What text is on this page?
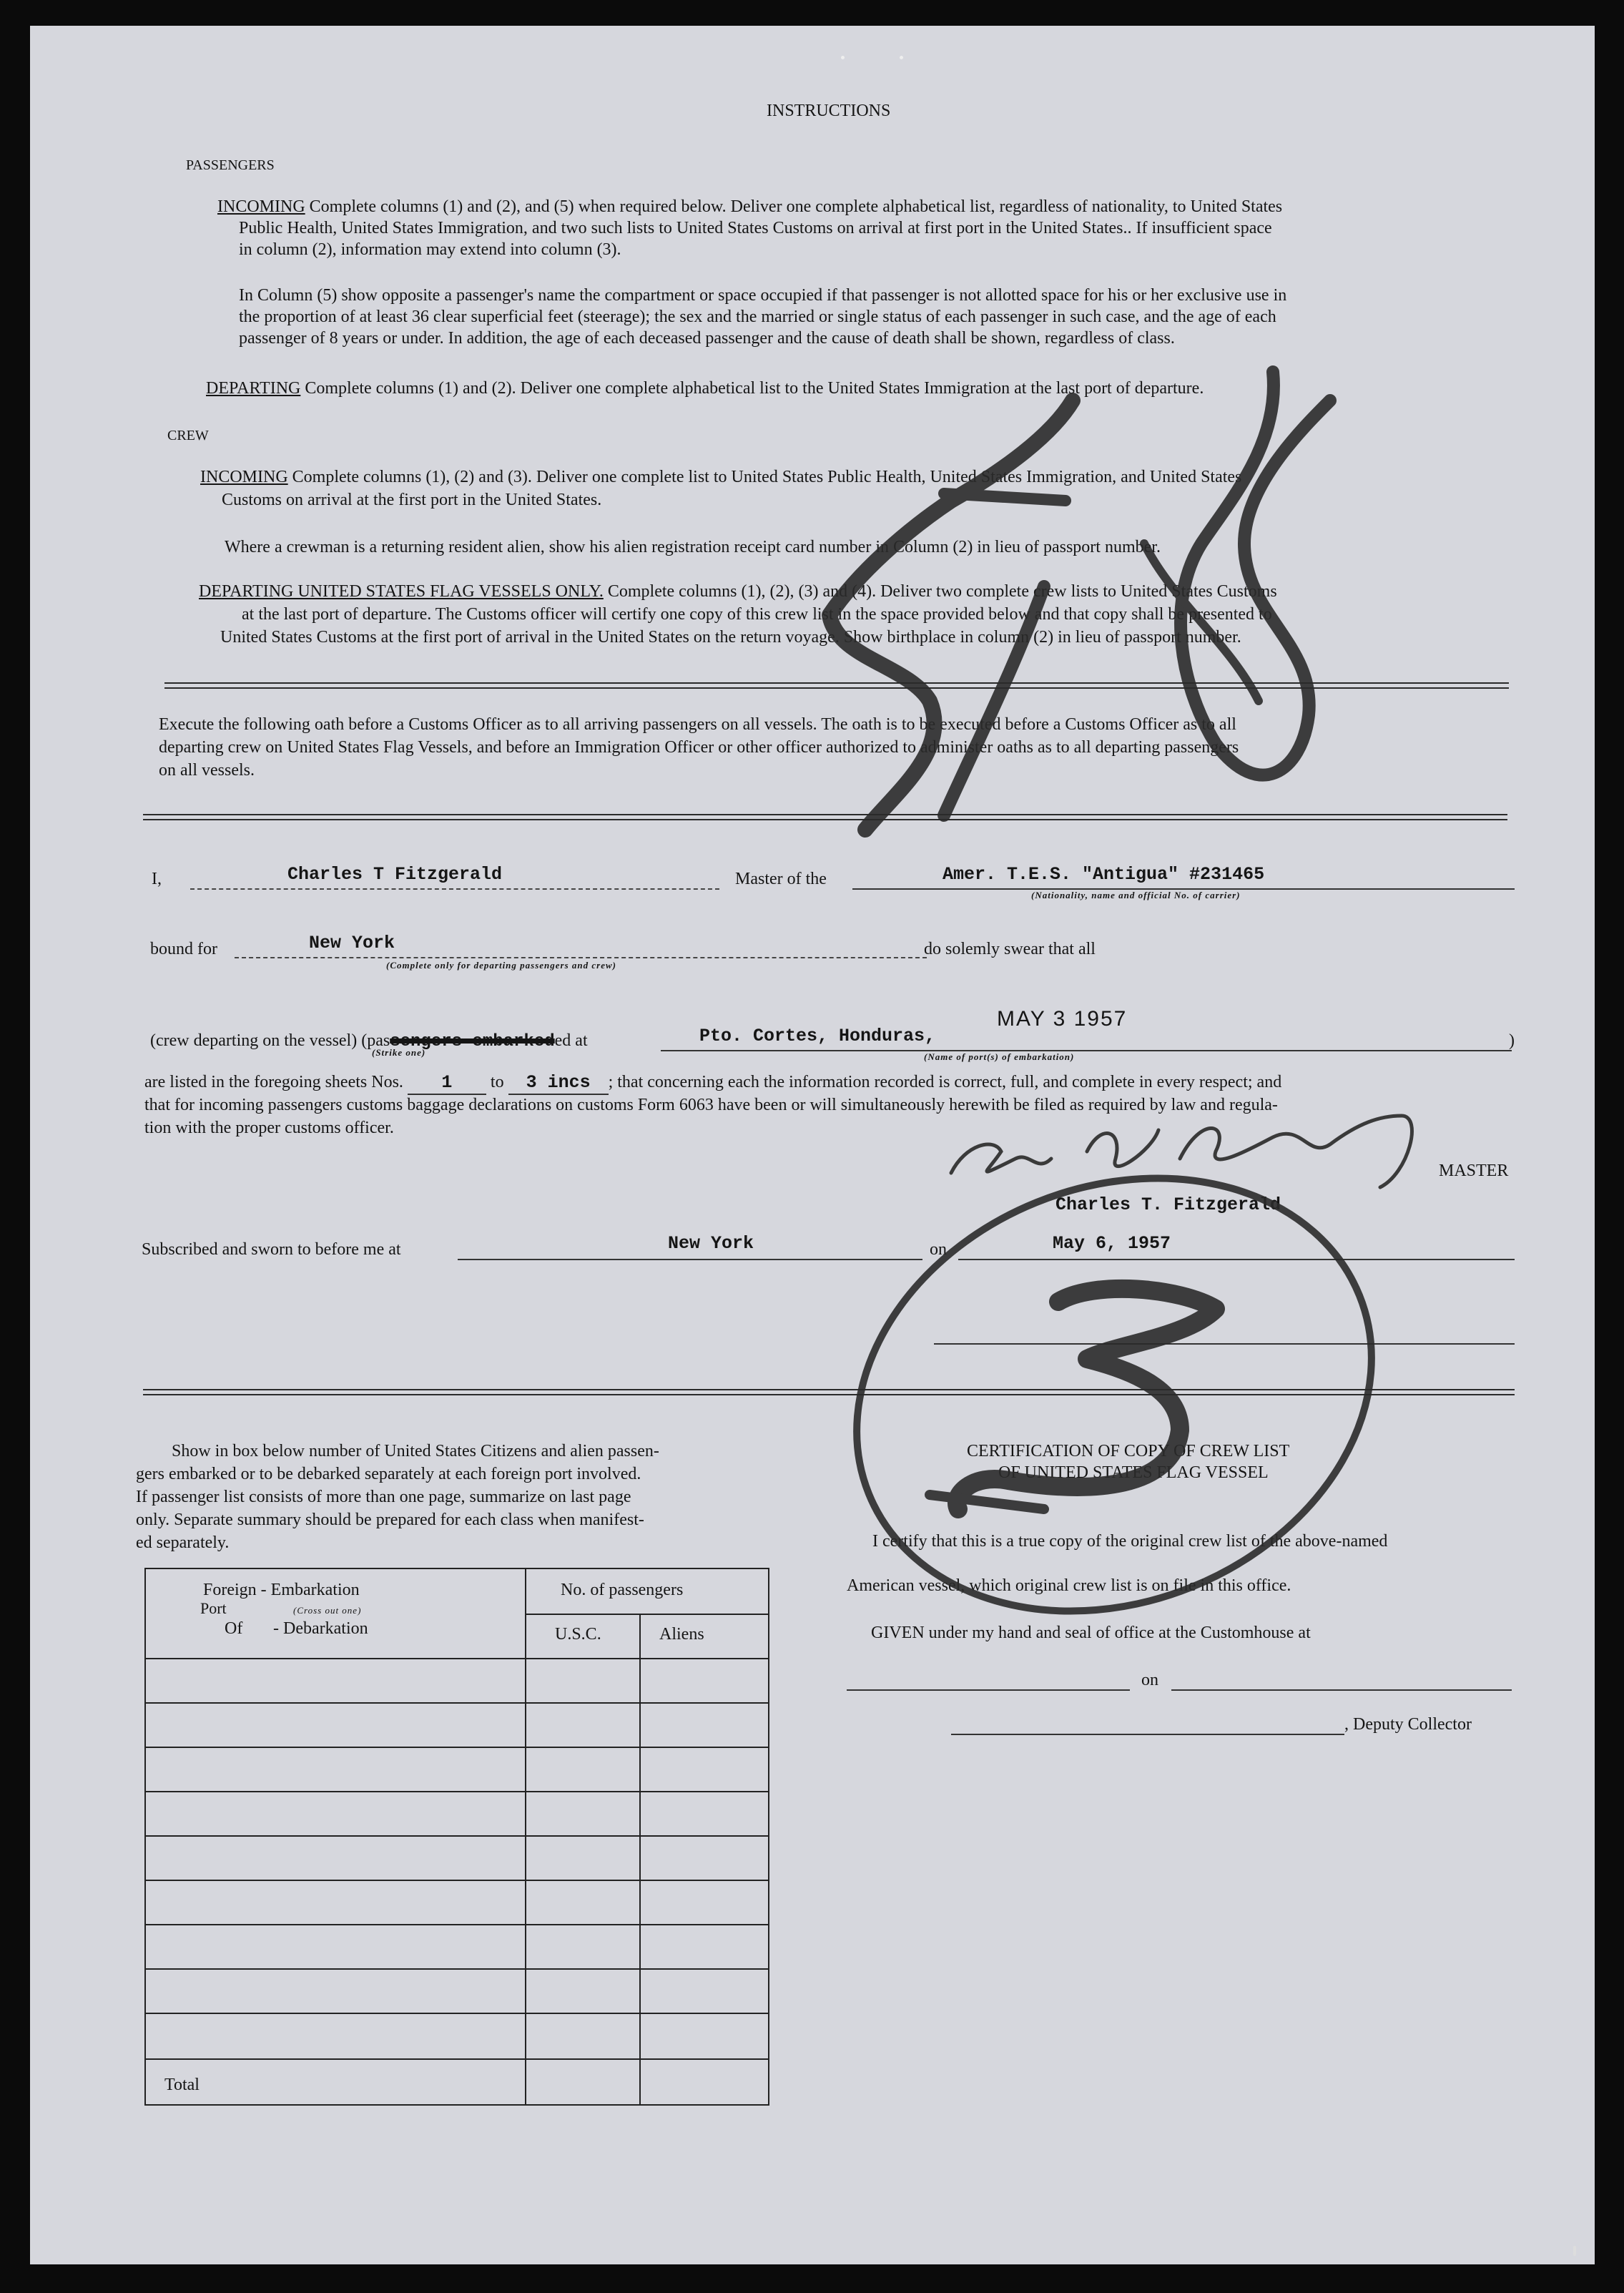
INSTRUCTIONS
PASSENGERS
INCOMING Complete columns (1) and (2), and (5) when required below. Deliver one complete alphabetical list, regardless of nationality, to United States
Public Health, United States Immigration, and two such lists to United States Customs on arrival at first port in the United States.. If insufficient space
in column (2), information may extend into column (3).
In Column (5) show opposite a passenger's name the compartment or space occupied if that passenger is not allotted space for his or her exclusive use in
the proportion of at least 36 clear superficial feet (steerage); the sex and the married or single status of each passenger in such case, and the age of each
passenger of 8 years or under. In addition, the age of each deceased passenger and the cause of death shall be shown, regardless of class.
DEPARTING Complete columns (1) and (2). Deliver one complete alphabetical list to the United States Immigration at the last port of departure.
CREW
INCOMING Complete columns (1), (2) and (3). Deliver one complete list to United States Public Health, United States Immigration, and United States
Customs on arrival at the first port in the United States.
Where a crewman is a returning resident alien, show his alien registration receipt card number in Column (2) in lieu of passport number.
DEPARTING UNITED STATES FLAG VESSELS ONLY. Complete columns (1), (2), (3) and (4). Deliver two complete crew lists to United States Customs
at the last port of departure. The Customs officer will certify one copy of this crew list in the space provided below and that copy shall be presented to
United States Customs at the first port of arrival in the United States on the return voyage. Show birthplace in column (2) in lieu of passport number.
Execute the following oath before a Customs Officer as to all arriving passengers on all vessels. The oath is to be executed before a Customs Officer as to all
departing crew on United States Flag Vessels, and before an Immigration Officer or other officer authorized to administer oaths as to all departing passengers
on all vessels.
I,	Charles T Fitzgerald	Master of the	Amer. T.E.S. "Antigua" #231465
(Nationality, name and official No. of carrier)
bound for	New York
(Complete only for departing passengers and crew)
do solemly swear that all
(crew departing on the vessel) (passengers embarkeded at
(Strike one)
Pto. Cortes, Honduras,
MAY 3 1957
(Name of port(s) of embarkation)
)
are listed in the foregoing sheets Nos. 1 to 3 incs ; that concerning each the information recorded is correct, full, and complete in every respect; and
that for incoming passengers customs baggage declarations on customs Form 6063 have been or will simultaneously herewith be filed as required by law and regula-
tion with the proper customs officer.
MASTER
Charles T. Fitzgerald
Subscribed and sworn to before me at	New York	on	May 6, 1957
Show in box below number of United States Citizens and alien passen-
gers embarked or to be debarked separately at each foreign port involved.
If passenger list consists of more than one page, summarize on last page
only. Separate summary should be prepared for each class when manifest-
ed separately.
Foreign - Embarkation
Port	(Cross out one)
Of - Debarkation
No. of passengers
U.S.C.	Aliens
Total
CERTIFICATION OF COPY OF CREW LIST
OF UNITED STATES FLAG VESSEL
I certify that this is a true copy of the original crew list of the above-named
American vessel, which original crew list is on file in this office.
GIVEN under my hand and seal of office at the Customhouse at
on
, Deputy Collector
